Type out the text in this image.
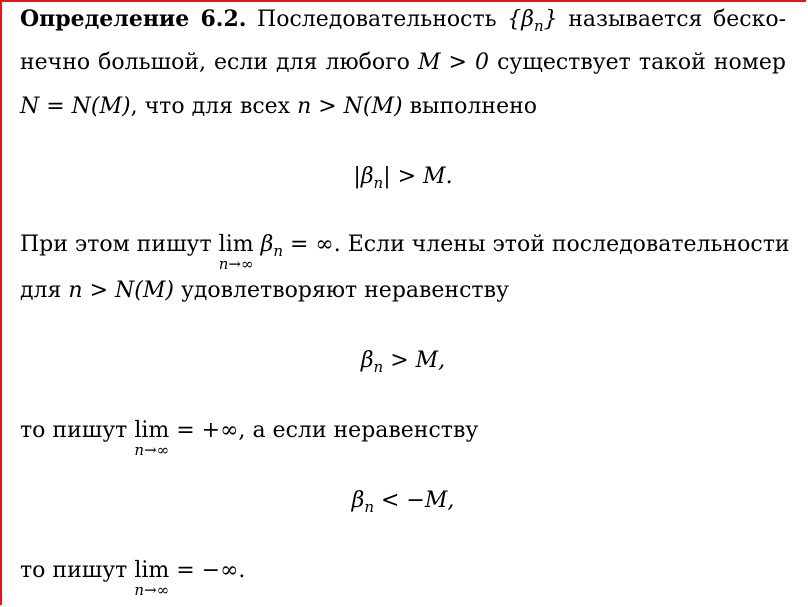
Определение 6.2. Последовательность $\{\beta_n\}$ называется беско-
нечно большой, если для любого M > 0 существует такой номер
N = N(M), что для всех n > N(M) выполнено
$|\beta_n| > M$.
При этом пишут lim
n→∞
$\beta_n$ = ∞. Если члены этой последовательности
для n > N(M) удовлетворяют неравенству
$\beta_n > M$,
то пишут lim
n→∞
= +∞, а если неравенству
$\beta_n < -M$,
то пишут lim
n→∞
= −∞.
